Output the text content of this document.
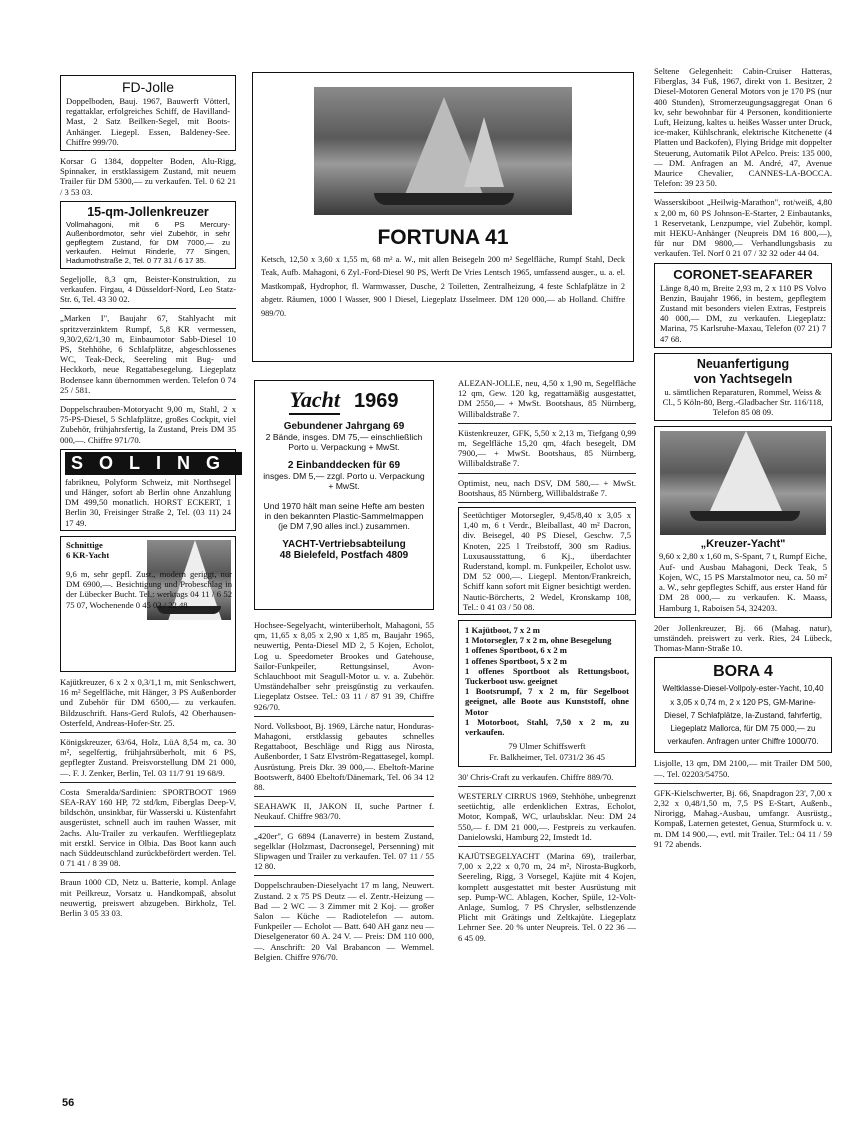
FD-Jolle
Doppelboden, Bauj. 1967, Bauwerft Vötterl, regattaklar, erfolgreiches Schiff, de Havilland-Mast, 2 Satz Beilken-Segel, mit Boots-Anhänger. Liegepl. Essen, Baldeney-See. Chiffre 999/70.
Korsar G 1384, doppelter Boden, Alu-Rigg, Spinnaker, in erstklassigem Zustand, mit neuem Trailer für DM 5300,— zu verkaufen. Tel. 0 62 21 / 3 53 03.
15-qm-Jollenkreuzer
Vollmahagoni, mit 6 PS Mercury-Außenbordmotor, sehr viel Zubehör, in sehr gepflegtem Zustand, für DM 7000,— zu verkaufen. Helmut Rinderle, 77 Singen, Hadumothstraße 2, Tel. 0 77 31 / 6 17 35.
Segeljolle, 8,3 qm, Beister-Konstruktion, zu verkaufen. Firgau, 4 Düsseldorf-Nord, Leo Statz-Str. 6, Tel. 43 30 02.
„Marken I", Baujahr 67, Stahlyacht mit spritzverzinktem Rumpf, 5,8 KR vermessen, 9,30/2,62/1,30 m, Einbaumotor Sabb-Diesel 10 PS, Stehhöhe, 6 Schlafplätze, abgeschlossenes WC, Teak-Deck, Seereling mit Bug- und Heckkorb, neue Regattabesegelung. Liegeplatz Bodensee kann übernommen werden. Telefon 0 74 25 / 581.
Doppelschrauben-Motoryacht 9,00 m, Stahl, 2 x 75-PS-Diesel, 5 Schlafplätze, großes Cockpit, viel Zubehör, frühjahrsfertig, Ia Zustand, Preis DM 35 000,—. Chiffre 971/70.
SOLING
fabrikneu, Polyform Schweiz, mit Northsegel und Hänger, sofort ab Berlin ohne Anzahlung DM 499,50 monatlich. HORST ECKERT, 1 Berlin 30, Freisinger Straße 2, Tel. (03 11) 24 17 49.
Schnittige
6 KR-Yacht
9,6 m, sehr gepfl. Zust., modern geriggt, nur DM 6900,—. Besichtigung und Probeschlag in der Lübecker Bucht. Tel.: werktags 04 11 / 6 52 75 07, Wochenende 0 45 03 / 22 48.
Kajütkreuzer, 6 x 2 x 0,3/1,1 m, mit Senkschwert, 16 m² Segelfläche, mit Hänger, 3 PS Außenborder und Zubehör für DM 6500,— zu verkaufen. Bildzuschrift. Hans-Gerd Rulofs, 42 Oberhausen-Osterfeld, Andreas-Hofer-Str. 25.
Königskreuzer, 63/64, Holz, LüA 8,54 m, ca. 30 m², segelfertig, frühjahrsüberholt, mit 6 PS, gepflegter Zustand. Preisvorstellung DM 21 000,—. F. J. Zenker, Berlin, Tel. 03 11/7 91 19 68/9.
Costa Smeralda/Sardinien: SPORTBOOT 1969 SEA-RAY 160 HP, 72 std/km, Fiberglas Deep-V, bildschön, unsinkbar, für Wasserski u. Küstenfahrt ausgerüstet, schnell auch im rauhen Wasser, mit 2achs. Alu-Trailer zu verkaufen. Werftliegeplatz mit erstkl. Service in Olbia. Das Boot kann auch nach Süddeutschland zurückbefördert werden. Tel. 0 71 41 / 8 39 08.
Braun 1000 CD, Netz u. Batterie, kompl. Anlage mit Peilkreuz, Vorsatz u. Handkompaß, absolut neuwertig, preiswert abzugeben. Birkholz, Tel. Berlin 3 05 33 03.
FORTUNA 41
Ketsch, 12,50 x 3,60 x 1,55 m, 68 m² a. W., mit allen Beisegeln 200 m² Segelfläche, Rumpf Stahl, Deck Teak, Aufb. Mahagoni, 6 Zyl.-Ford-Diesel 90 PS, Werft De Vries Lentsch 1965, umfassend ausger., u. a. el. Mastkompaß, Hydrophor, fl. Warmwasser, Dusche, 2 Toiletten, Zentralheizung, 4 feste Schlafplätze in 2 abgetr. Räumen, 1000 l Wasser, 900 l Diesel, Liegeplatz IJsselmeer. DM 120 000,— ab Holland. Chiffre 989/70.
Yacht 1969
Gebundener Jahrgang 69
2 Bände, insges. DM 75,— einschließlich Porto u. Verpackung + MwSt.
2 Einbanddecken für 69
insges. DM 5,— zzgl. Porto u. Verpackung + MwSt.
Und 1970 hält man seine Hefte am besten in den bekannten Plastic-Sammelmappen (je DM 7,90 alles incl.) zusammen.
YACHT-Vertriebsabteilung
48 Bielefeld, Postfach 4809
Hochsee-Segelyacht, winterüberholt, Mahagoni, 55 qm, 11,65 x 8,05 x 2,90 x 1,85 m, Baujahr 1965, neuwertig, Penta-Diesel MD 2, 5 Kojen, Echolot, Log u. Speedometer Brookes und Gatehouse, Sailor-Funkpeiler, Rettungsinsel, Avon-Schlauchboot mit Seagull-Motor u. v. a. Zubehör. Umständehalber sehr preisgünstig zu verkaufen. Liegeplatz Ostsee. Tel.: 03 11 / 87 91 39, Chiffre 926/70.
Nord. Volksboot, Bj. 1969, Lärche natur, Honduras-Mahagoni, erstklassig gebautes schnelles Regattaboot, Beschläge und Rigg aus Nirosta, Außenborder, 1 Satz Elvström-Regattasegel, kompl. Ausrüstung. Preis Dkr. 39 000,—. Ebeltoft-Marine Bootswerft, 8400 Ebeltoft/Dänemark, Tel. 06 34 12 88.
SEAHAWK II, JAKON II, suche Partner f. Neukauf. Chiffre 983/70.
„420er", G 6894 (Lanaverre) in bestem Zustand, segelklar (Holzmast, Dacronsegel, Persenning) mit Slipwagen und Trailer zu verkaufen. Tel. 07 11 / 55 12 80.
Doppelschrauben-Dieselyacht 17 m lang, Neuwert. Zustand. 2 x 75 PS Deutz — el. Zentr.-Heizung — Bad — 2 WC — 3 Zimmer mit 2 Koj. — großer Salon — Küche — Radiotelefon — autom. Funkpeiler — Echolot — Batt. 640 AH ganz neu — Dieselgenerator 60 A. 24 V. — Preis: DM 110 000,—. Anschrift: 20 Val Brabancon — Wemmel. Belgien. Chiffre 976/70.
ALEZAN-JOLLE, neu, 4,50 x 1,90 m, Segelfläche 12 qm, Gew. 120 kg, regattamäßig ausgestattet, DM 2550,— + MwSt. Bootshaus, 85 Nürnberg, Willibaldstraße 7.
Küstenkreuzer, GFK, 5,50 x 2,13 m, Tiefgang 0,99 m, Segelfläche 15,20 qm, 4fach besegelt, DM 7900,— + MwSt. Bootshaus, 85 Nürnberg, Willibaldstraße 7.
Optimist, neu, nach DSV, DM 580,— + MwSt. Bootshaus, 85 Nürnberg, Willibaldstraße 7.
Seetüchtiger Motorsegler, 9,45/8,40 x 3,05 x 1,40 m, 6 t Verdr., Bleiballast, 40 m² Dacron, div. Beisegel, 40 PS Diesel, Geschw. 7,5 Knoten, 225 l Treibstoff, 300 sm Radius. Luxusausstattung, 6 Kj., überdachter Ruderstand, kompl. m. Funkpeiler, Echolot usw. DM 52 000,—. Liegepl. Menton/Frankreich, Schiff kann sofort mit Eigner besichtigt werden. Nautic-Börcherts, 2 Wedel, Kronskamp 108, Tel.: 0 41 03 / 50 08.
1 Kajütboot, 7 x 2 m
1 Motorsegler, 7 x 2 m, ohne Besegelung
1 offenes Sportboot, 6 x 2 m
1 offenes Sportboot, 5 x 2 m
1 offenes Sportboot als Rettungsboot, Tuckerboot usw. geeignet
1 Bootsrumpf, 7 x 2 m, für Segelboot geeignet, alle Boote aus Kunststoff, ohne Motor
1 Motorboot, Stahl, 7,50 x 2 m, zu verkaufen.
79 Ulmer Schiffswerft
Fr. Balkheimer, Tel. 0731/2 36 45
30' Chris-Craft zu verkaufen. Chiffre 889/70.
WESTERLY CIRRUS 1969, Stehhöhe, unbegrenzt seetüchtig, alle erdenklichen Extras, Echolot, Motor, Kompaß, WC, urlaubsklar. Neu: DM 24 550,— f. DM 21 000,—. Festpreis zu verkaufen. Danielowski, Hamburg 22, Imstedt 1d.
KAJÜTSEGELYACHT (Marina 69), trailerbar, 7,00 x 2,22 x 0,70 m, 24 m², Nirosta-Bugkorb, Seereling, Rigg, 3 Vorsegel, Kajüte mit 4 Kojen, komplett ausgestattet mit bester Ausrüstung mit sep. Pump-WC. Ablagen, Kocher, Spüle, 12-Volt-Anlage, Sumlog, 7 PS Chrysler, selbstlenzende Plicht mit Grätings und Zeltkajüte. Liegeplatz Lehrner See. 20 % unter Neupreis. Tel. 0 22 36 — 6 45 09.
Seltene Gelegenheit: Cabin-Cruiser Hatteras, Fiberglas, 34 Fuß, 1967, direkt von 1. Besitzer, 2 Diesel-Motoren General Motors von je 170 PS (nur 400 Stunden), Stromerzeugungsaggregat Onan 6 kv, sehr bewohnbar für 4 Personen, konditionierte Luft, Heizung, kaltes u. heißes Wasser unter Druck, ice-maker, Kühlschrank, elektrische Kitchenette (4 Platten und Backofen), Flying Bridge mit doppelter Steuerung, Automatik Pilot APelco. Preis: 135 000,— DM. Anfragen an M. André, 47, Avenue Maurice Chevalier, CANNES-LA-BOCCA. Telefon: 39 23 50.
Wasserskiboot „Heilwig-Marathon", rot/weiß, 4,80 x 2,00 m, 60 PS Johnson-E-Starter, 2 Einbautanks, 1 Reservetank, Lenzpumpe, viel Zubehör, kompl. mit HEKU-Anhänger (Neupreis DM 16 800,—), für nur DM 9800,— Verhandlungsbasis zu verkaufen. Tel. Norf 0 21 07 / 32 32 oder 44 04.
CORONET-SEAFARER
Länge 8,40 m, Breite 2,93 m, 2 x 110 PS Volvo Benzin, Baujahr 1966, in bestem, gepflegtem Zustand mit besonders vielen Extras, Festpreis 40 000,— DM, zu verkaufen. Liegeplatz: Marina, 75 Karlsruhe-Maxau, Telefon (07 21) 7 47 68.
Neuanfertigung
von Yachtsegeln
u. sämtlichen Reparaturen, Rommel, Weiss & Cl., 5 Köln-80, Berg.-Gladbacher Str. 116/118, Telefon 85 08 09.
„Kreuzer-Yacht"
9,60 x 2,80 x 1,60 m, S-Spant, 7 t, Rumpf Eiche, Auf- und Ausbau Mahagoni, Deck Teak, 5 Kojen, WC, 15 PS Marstalmotor neu, ca. 50 m² a. W., sehr gepflegtes Schiff, aus erster Hand für DM 28 000,— zu verkaufen. K. Maass, Hamburg 1, Raboisen 54, 324203.
20er Jollenkreuzer, Bj. 66 (Mahag. natur), umständeh. preiswert zu verk. Ries, 24 Lübeck, Thomas-Mann-Straße 10.
BORA 4
Weltklasse-Diesel-Vollpoly-ester-Yacht, 10,40 x 3,05 x 0,74 m, 2 x 120 PS, GM-Marine-Diesel, 7 Schlafplätze, Ia-Zustand, fahrfertig, Liegeplatz Mallorca, für DM 75 000,— zu verkaufen. Anfragen unter Chiffre 1000/70.
Lisjolle, 13 qm, DM 2100,— mit Trailer DM 500,—. Tel. 02203/54750.
GFK-Kielschwerter, Bj. 66, Snapdragon 23', 7,00 x 2,32 x 0,48/1,50 m, 7,5 PS E-Start, Außenb., Nirorigg, Mahag.-Ausbau, umfangr. Ausrüstg., Kompaß, Laternen getestet, Genua, Sturmfock u. v. m. DM 14 900,—, evtl. mit Trailer. Tel.: 04 11 / 59 91 72 abends.
56
